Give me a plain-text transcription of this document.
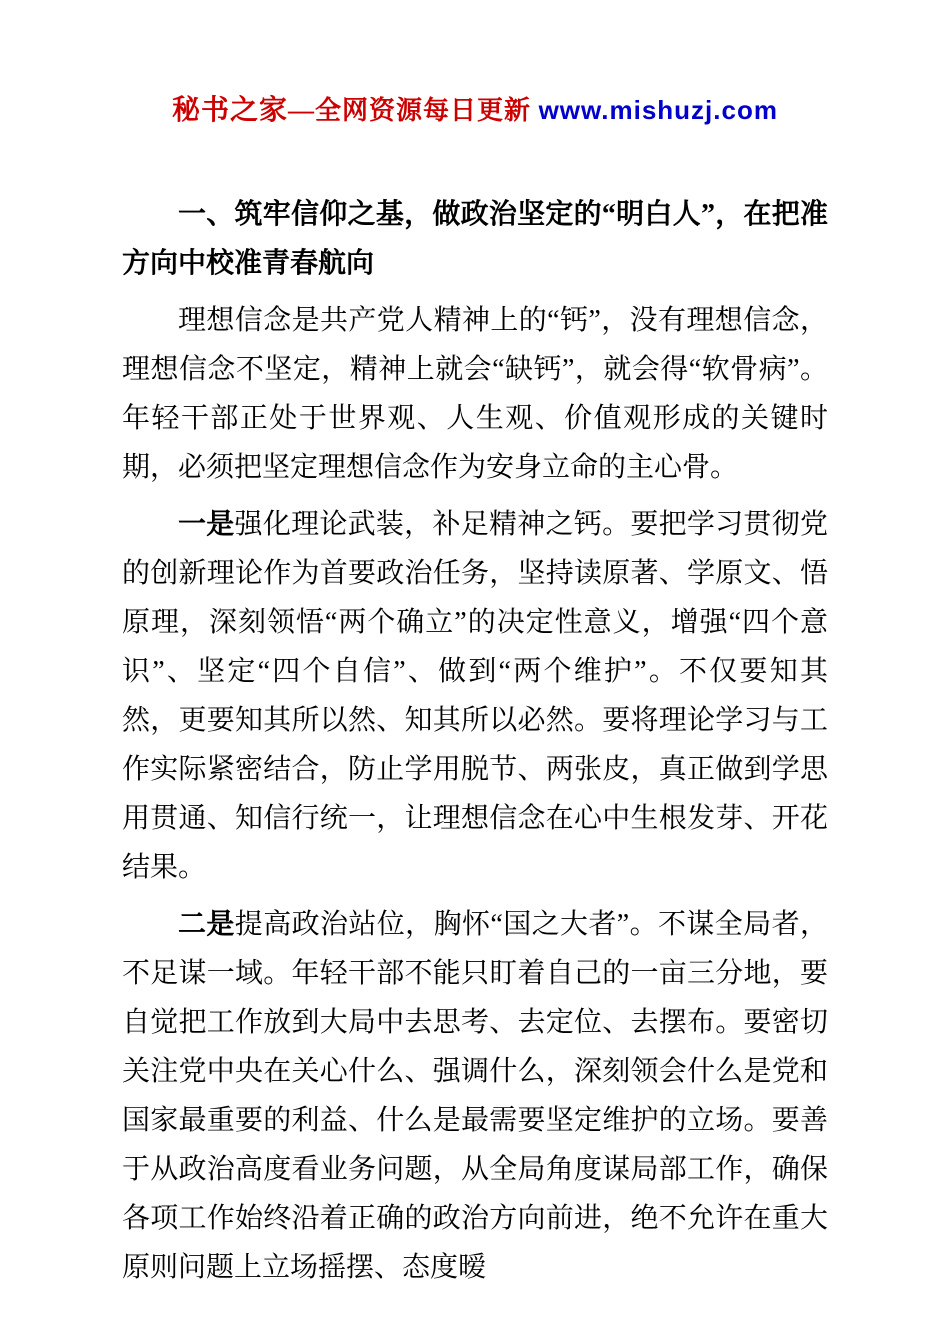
秘书之家—全网资源每日更新 www.mishuzj.com

一、筑牢信仰之基，做政治坚定的“明白人”，在把准方向中校准青春航向

理想信念是共产党人精神上的“钙”，没有理想信念，理想信念不坚定，精神上就会“缺钙”，就会得“软骨病”。年轻干部正处于世界观、人生观、价值观形成的关键时期，必须把坚定理想信念作为安身立命的主心骨。

一是强化理论武装，补足精神之钙。要把学习贯彻党的创新理论作为首要政治任务，坚持读原著、学原文、悟原理，深刻领悟“两个确立”的决定性意义，增强“四个意识”、坚定“四个自信”、做到“两个维护”。不仅要知其然，更要知其所以然、知其所以必然。要将理论学习与工作实际紧密结合，防止学用脱节、两张皮，真正做到学思用贯通、知信行统一，让理想信念在心中生根发芽、开花结果。

二是提高政治站位，胸怀“国之大者”。不谋全局者，不足谋一域。年轻干部不能只盯着自己的一亩三分地，要自觉把工作放到大局中去思考、去定位、去摆布。要密切关注党中央在关心什么、强调什么，深刻领会什么是党和国家最重要的利益、什么是最需要坚定维护的立场。要善于从政治高度看业务问题，从全局角度谋局部工作，确保各项工作始终沿着正确的政治方向前进，绝不允许在重大原则问题上立场摇摆、态度暧
